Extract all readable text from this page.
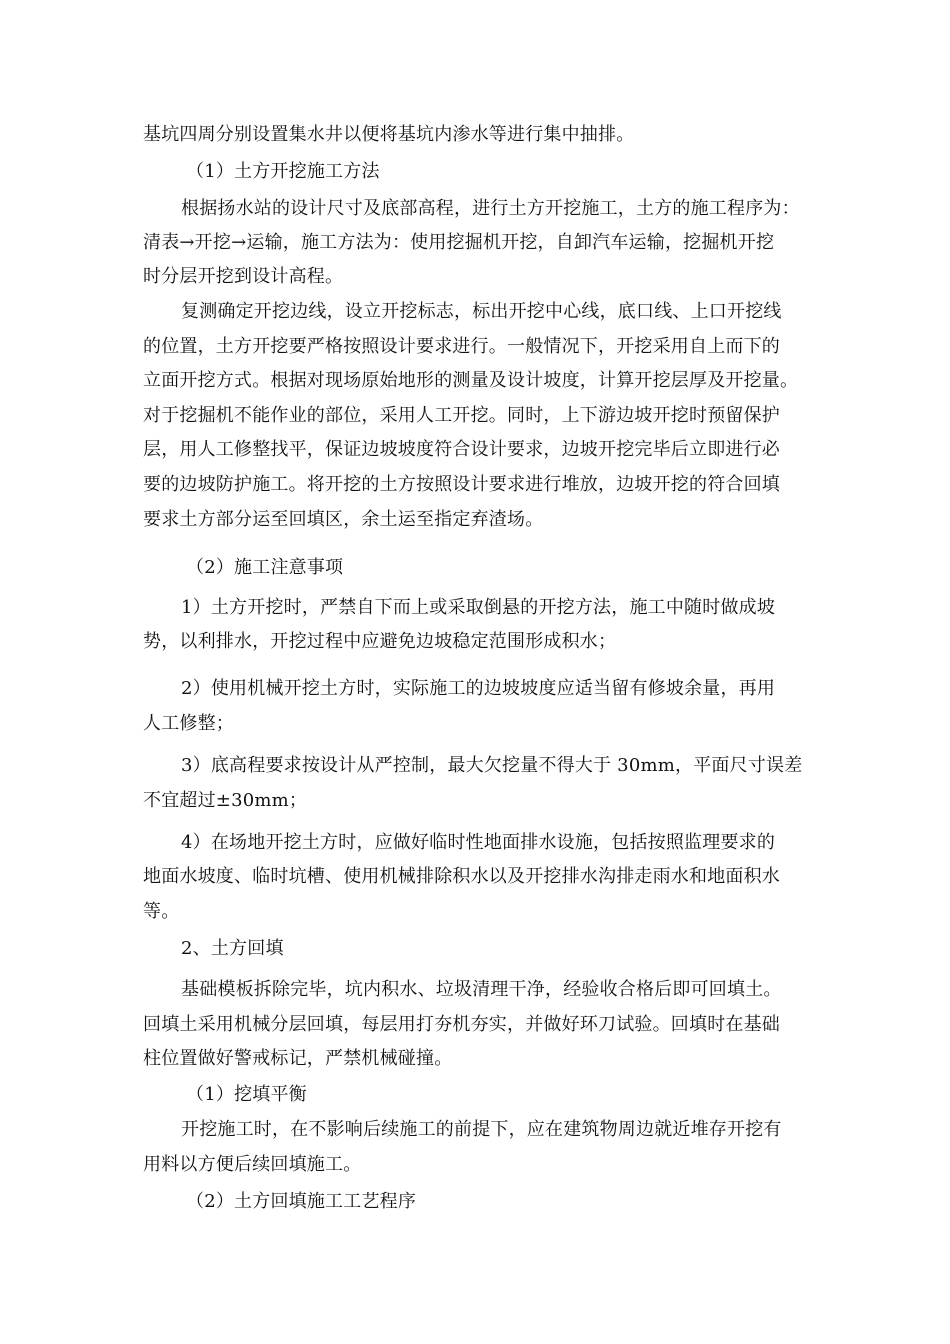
基坑四周分别设置集水井以便将基坑内渗水等进行集中抽排。
（1）土方开挖施工方法
根据扬水站的设计尺寸及底部高程，进行土方开挖施工，土方的施工程序为：
清表→开挖→运输，施工方法为：使用挖掘机开挖，自卸汽车运输，挖掘机开挖
时分层开挖到设计高程。
复测确定开挖边线，设立开挖标志，标出开挖中心线，底口线、上口开挖线
的位置，土方开挖要严格按照设计要求进行。一般情况下，开挖采用自上而下的
立面开挖方式。根据对现场原始地形的测量及设计坡度，计算开挖层厚及开挖量。
对于挖掘机不能作业的部位，采用人工开挖。同时，上下游边坡开挖时预留保护
层，用人工修整找平，保证边坡坡度符合设计要求，边坡开挖完毕后立即进行必
要的边坡防护施工。将开挖的土方按照设计要求进行堆放，边坡开挖的符合回填
要求土方部分运至回填区，余土运至指定弃渣场。
（2）施工注意事项
1）土方开挖时，严禁自下而上或采取倒悬的开挖方法，施工中随时做成坡
势，以利排水，开挖过程中应避免边坡稳定范围形成积水；
2）使用机械开挖土方时，实际施工的边坡坡度应适当留有修坡余量，再用
人工修整；
3）底高程要求按设计从严控制，最大欠挖量不得大于 30mm，平面尺寸误差
不宜超过±30mm；
4）在场地开挖土方时，应做好临时性地面排水设施，包括按照监理要求的
地面水坡度、临时坑槽、使用机械排除积水以及开挖排水沟排走雨水和地面积水
等。
2、土方回填
基础模板拆除完毕，坑内积水、垃圾清理干净，经验收合格后即可回填土。
回填土采用机械分层回填，每层用打夯机夯实，并做好环刀试验。回填时在基础
柱位置做好警戒标记，严禁机械碰撞。
（1）挖填平衡
开挖施工时，在不影响后续施工的前提下，应在建筑物周边就近堆存开挖有
用料以方便后续回填施工。
（2）土方回填施工工艺程序
